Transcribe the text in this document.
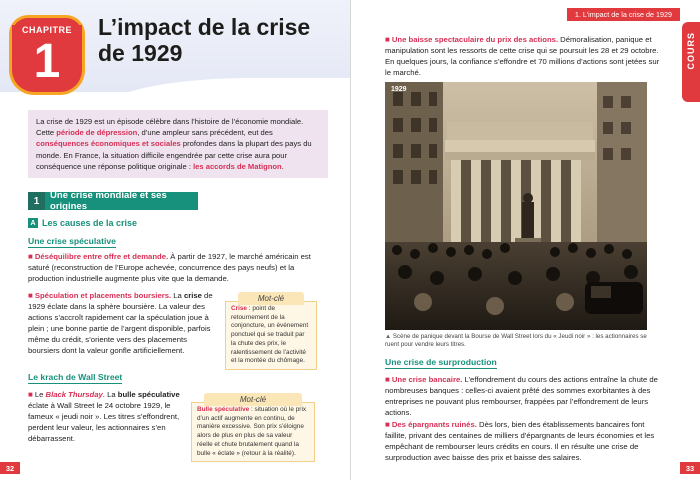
CHAPITRE
1
L’impact de la crise de 1929
La crise de 1929 est un épisode célèbre dans l’histoire de l’économie mondiale. Cette période de dépression, d’une ampleur sans précédent, eut des conséquences économiques et sociales profondes dans la plupart des pays du monde. En France, la situation difficile engendrée par cette crise aura pour conséquence une réponse politique originale : les accords de Matignon.
1	Une crise mondiale et ses origines
A Les causes de la crise
Une crise spéculative
■ Déséquilibre entre offre et demande. À partir de 1927, le marché américain est saturé (reconstruction de l’Europe achevée, concurrence des pays neufs) et la production industrielle augmente plus vite que la demande.
■ Spéculation et placements boursiers. La crise de 1929 éclate dans la sphère boursière. La valeur des actions s’accroît rapidement car la spéculation joue à plein ; une bonne partie de l’argent disponible, parfois même du crédit, s’oriente vers des placements boursiers dont la valeur gonfle artificiellement.
Mot-clé
Crise : point de retournement de la conjoncture, un événement ponctuel qui se traduit par la chute des prix, le ralentissement de l’activité et la montée du chômage.
Le krach de Wall Street
■ Le Black Thursday. La bulle spéculative éclate à Wall Street le 24 octobre 1929, le fameux « jeudi noir ». Les titres s’effondrent, perdent leur valeur, les actionnaires s’en débarrassent.
Mot-clé
Bulle spéculative : situation où le prix d’un actif augmente en continu, de manière excessive. Son prix s’éloigne alors de plus en plus de sa valeur réelle et chute brutalement quand la bulle « éclate » (retour à la réalité).
32
1. L’impact de la crise de 1929
COURS
■ Une baisse spectaculaire du prix des actions. Démoralisation, panique et manipulation sont les ressorts de cette crise qui se poursuit les 28 et 29 octobre. En quelques jours, la confiance s’effondre et 70 millions d’actions sont jetées sur le marché.
1929
▲ Scène de panique devant la Bourse de Wall Street lors du « Jeudi noir » : les actionnaires se ruent pour vendre leurs titres.
Une crise de surproduction
■ Une crise bancaire. L’effondrement du cours des actions entraîne la chute de nombreuses banques : celles-ci avaient prêté des sommes exorbitantes à des entreprises ne pouvant plus rembourser, frappées par l’effondrement de leurs actions.
■ Des épargnants ruinés. Dès lors, bien des établissements bancaires font faillite, privant des centaines de milliers d’épargnants de leurs économies et les empêchant de rembourser leurs crédits en cours. Il en résulte une crise de surproduction avec baisse des prix et baisse des salaires.
33
